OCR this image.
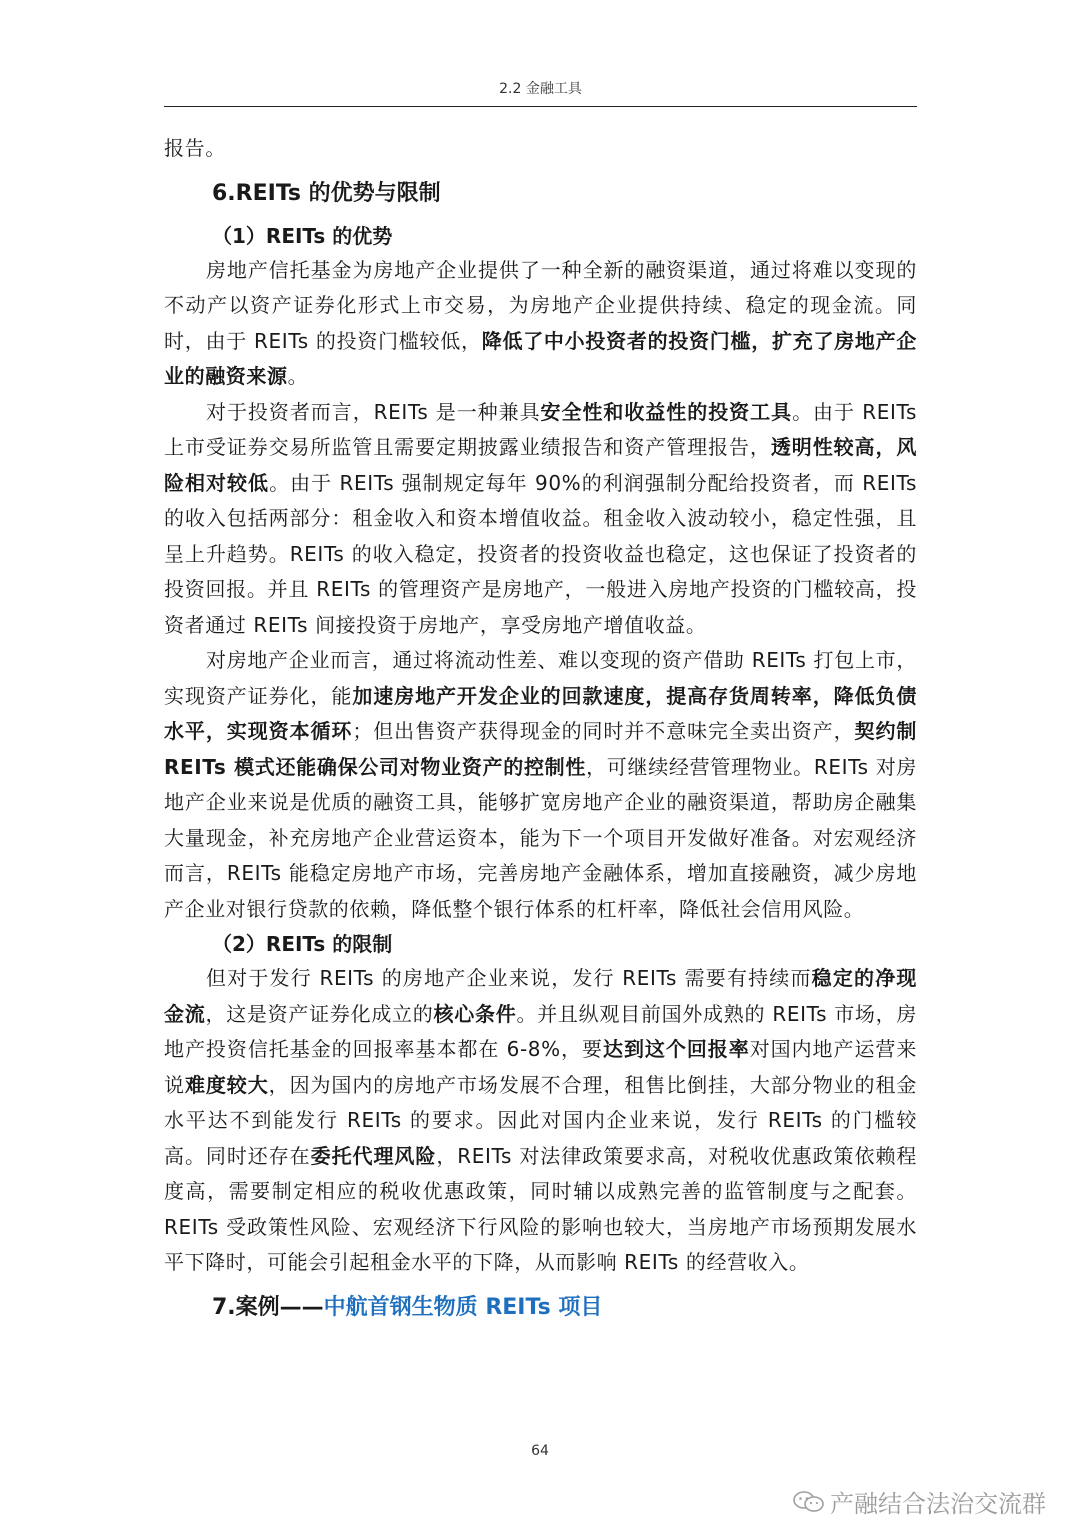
2.2 金融工具

报告。

6.REITs 的优势与限制
（1）REITs 的优势

房地产信托基金为房地产企业提供了一种全新的融资渠道，通过将难以变现的不动产以资产证券化形式上市交易，为房地产企业提供持续、稳定的现金流。同时，由于 REITs 的投资门槛较低，降低了中小投资者的投资门槛，扩充了房地产企业的融资来源。

对于投资者而言，REITs 是一种兼具安全性和收益性的投资工具。由于 REITs 上市受证券交易所监管且需要定期披露业绩报告和资产管理报告，透明性较高，风险相对较低。由于 REITs 强制规定每年 90%的利润强制分配给投资者，而 REITs 的收入包括两部分：租金收入和资本增值收益。租金收入波动较小，稳定性强，且呈上升趋势。REITs 的收入稳定，投资者的投资收益也稳定，这也保证了投资者的投资回报。并且 REITs 的管理资产是房地产，一般进入房地产投资的门槛较高，投资者通过 REITs 间接投资于房地产，享受房地产增值收益。

对房地产企业而言，通过将流动性差、难以变现的资产借助 REITs 打包上市，实现资产证券化，能加速房地产开发企业的回款速度，提高存货周转率，降低负债水平，实现资本循环；但出售资产获得现金的同时并不意味完全卖出资产，契约制 REITs 模式还能确保公司对物业资产的控制性，可继续经营管理物业。REITs 对房地产企业来说是优质的融资工具，能够扩宽房地产企业的融资渠道，帮助房企融集大量现金，补充房地产企业营运资本，能为下一个项目开发做好准备。对宏观经济而言，REITs 能稳定房地产市场，完善房地产金融体系，增加直接融资，减少房地产企业对银行贷款的依赖，降低整个银行体系的杠杆率，降低社会信用风险。

（2）REITs 的限制

但对于发行 REITs 的房地产企业来说，发行 REITs 需要有持续而稳定的净现金流，这是资产证券化成立的核心条件。并且纵观目前国外成熟的 REITs 市场，房地产投资信托基金的回报率基本都在 6-8%，要达到这个回报率对国内地产运营来说难度较大，因为国内的房地产市场发展不合理，租售比倒挂，大部分物业的租金水平达不到能发行 REITs 的要求。因此对国内企业来说，发行 REITs 的门槛较高。同时还存在委托代理风险，REITs 对法律政策要求高，对税收优惠政策依赖程度高，需要制定相应的税收优惠政策，同时辅以成熟完善的监管制度与之配套。REITs 受政策性风险、宏观经济下行风险的影响也较大，当房地产市场预期发展水平下降时，可能会引起租金水平的下降，从而影响 REITs 的经营收入。

7.案例——中航首钢生物质 REITs 项目
64
产融结合法治交流群
